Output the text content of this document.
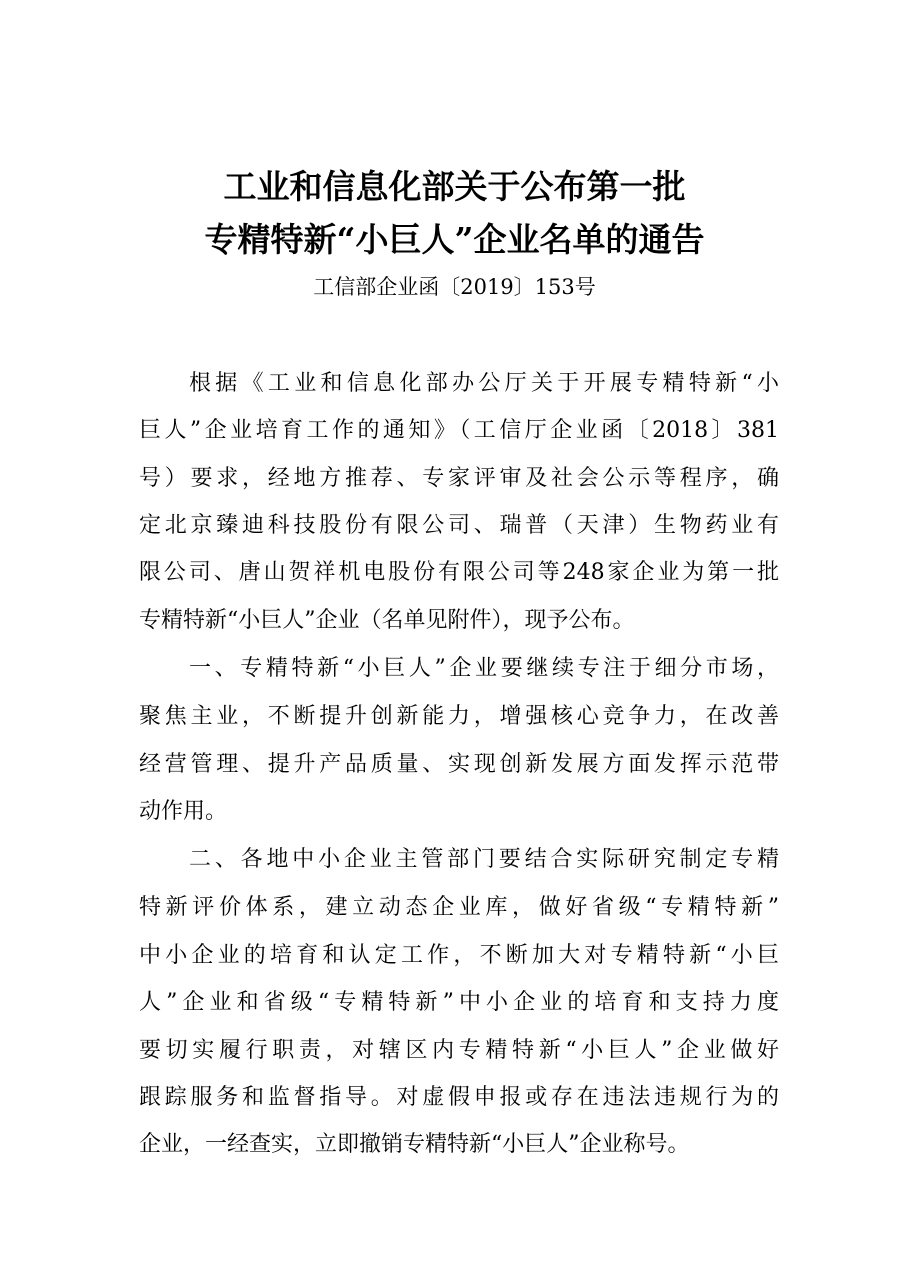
工业和信息化部关于公布第一批
专精特新“小巨人”企业名单的通告
工信部企业函〔2019〕153号
根据《工业和信息化部办公厅关于开展专精特新“小
巨人”企业培育工作的通知》（工信厅企业函〔2018〕381
号）要求，经地方推荐、专家评审及社会公示等程序，确
定北京臻迪科技股份有限公司、瑞普（天津）生物药业有
限公司、唐山贺祥机电股份有限公司等248家企业为第一批
专精特新“小巨人”企业（名单见附件），现予公布。
一、专精特新“小巨人”企业要继续专注于细分市场，
聚焦主业，不断提升创新能力，增强核心竞争力，在改善
经营管理、提升产品质量、实现创新发展方面发挥示范带
动作用。
二、各地中小企业主管部门要结合实际研究制定专精
特新评价体系，建立动态企业库，做好省级“专精特新”
中小企业的培育和认定工作，不断加大对专精特新“小巨
人”企业和省级“专精特新”中小企业的培育和支持力度
要切实履行职责，对辖区内专精特新“小巨人”企业做好
跟踪服务和监督指导。对虚假申报或存在违法违规行为的
企业，一经查实，立即撤销专精特新“小巨人”企业称号。
